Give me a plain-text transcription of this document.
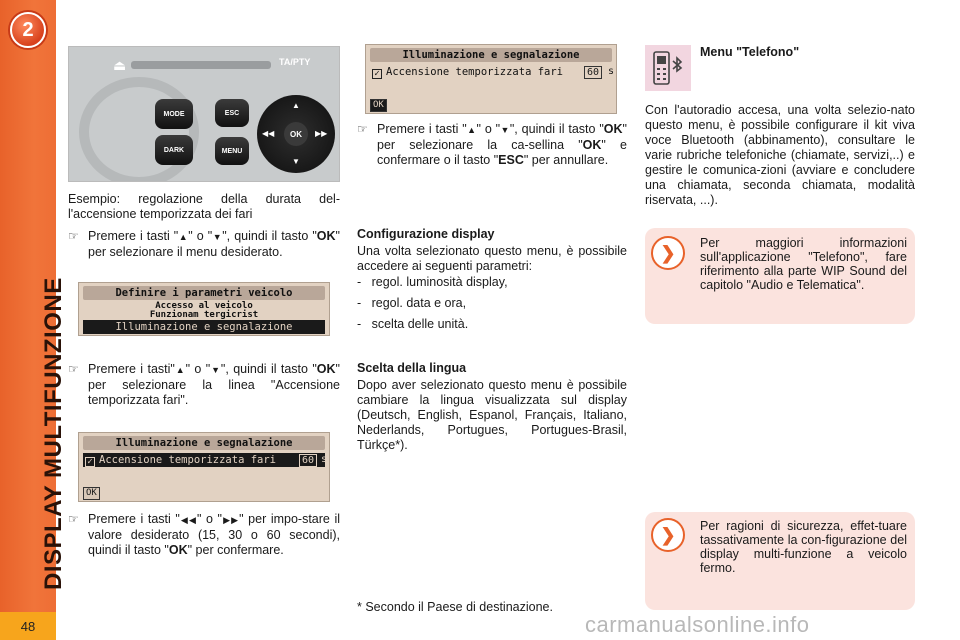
2
DISPLAY MULTIFUNZIONE
48
⏏	TA/PTY
MODE
DARK
ESC
MENU
▲
▼
◀◀	▶▶
OK

Esempio: regolazione della durata del-l'accensione temporizzata dei fari

☞ Premere i tasti "▲" o "▼", quindi il tasto "OK" per selezionare il menu desiderato.
Definire i parametri veicolo
Accesso al veicolo
Funzionam tergicrist
Illuminazione e segnalazione
☞ Premere i tasti"▲" o "▼", quindi il tasto "OK" per selezionare la linea "Accensione temporizzata fari".
Illuminazione e segnalazione
✓ Accensione temporizzata fari	60 s
OK
☞ Premere i tasti "◀◀" o "▶▶" per impo-stare il valore desiderato (15, 30 o 60 secondi), quindi il tasto "OK" per confermare.
Illuminazione e segnalazione
✓ Accensione temporizzata fari	60 s
OK
☞ Premere i tasti "▲" o "▼", quindi il tasto "OK" per selezionare la ca-sellina "OK" e confermare o il tasto "ESC" per annullare.
Configurazione display

Una volta selezionato questo menu, è possibile accedere ai seguenti parametri:

-   regol. luminosità display,
-   regol. data e ora,
-   scelta delle unità.
Scelta della lingua

Dopo aver selezionato questo menu è possibile cambiare la lingua visualizzata sul display (Deutsch, English, Espanol, Français, Italiano, Nederlands, Portugues, Portugues-Brasil, Türkçe*).

* Secondo il Paese di destinazione.

Menu "Telefono"

Con l'autoradio accesa, una volta selezio-nato questo menu, è possibile configurare il kit viva voce Bluetooth (abbinamento), consultare le varie rubriche telefoniche (chiamate, servizi,..) e gestire le comunica-zioni (avviare e concludere una chiamata, seconda chiamata, modalità riservata, ...).

❯	Per maggiori informazioni sull'applicazione "Telefono", fare riferimento alla parte WIP Sound del capitolo "Audio e Telematica".

❯	Per ragioni di sicurezza, effet-tuare tassativamente la con-figurazione del display multi-funzione a veicolo fermo.

carmanualsonline.info
